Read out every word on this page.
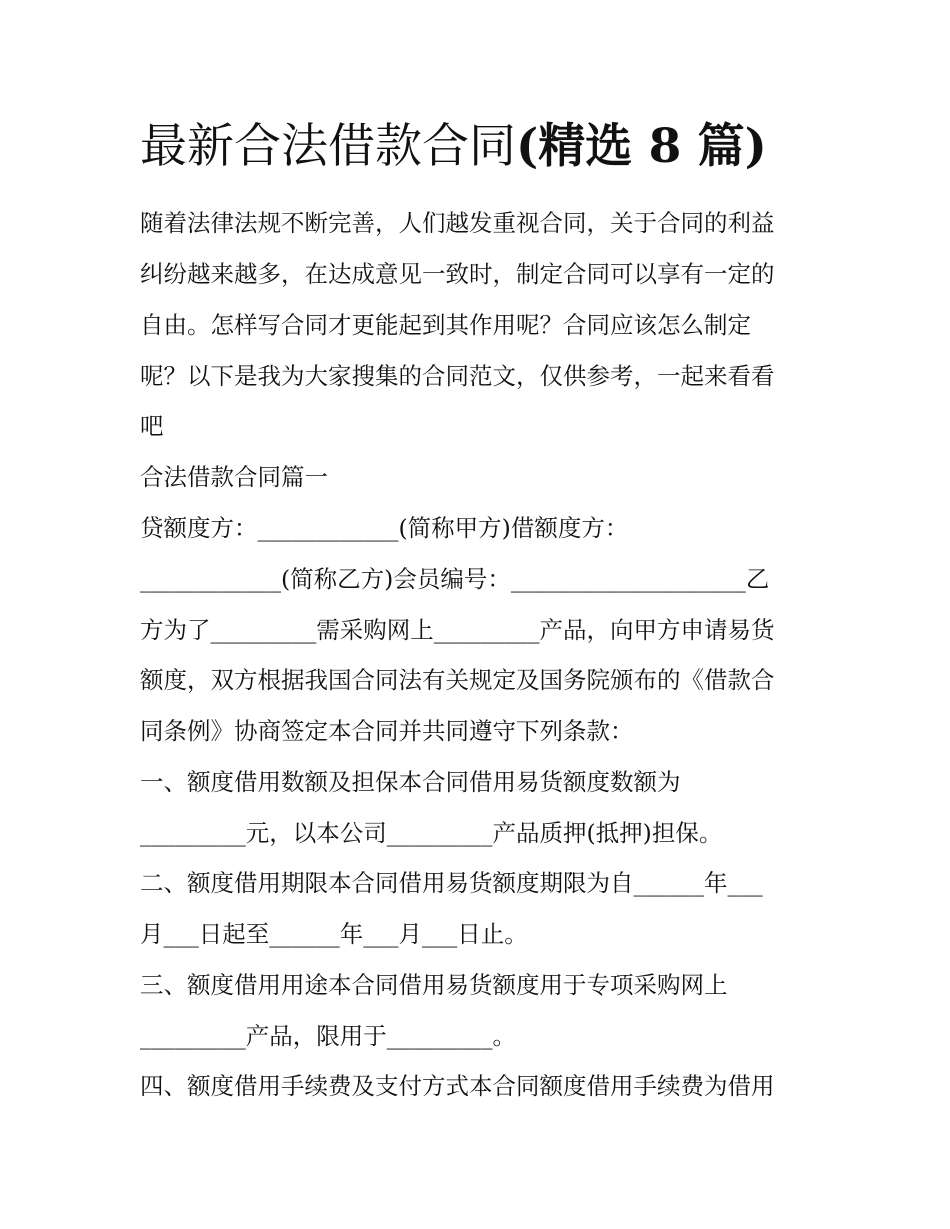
最新合法借款合同(精选 8 篇)

随着法律法规不断完善，人们越发重视合同，关于合同的利益

纠纷越来越多，在达成意见一致时，制定合同可以享有一定的

自由。怎样写合同才更能起到其作用呢？合同应该怎么制定

呢？以下是我为大家搜集的合同范文，仅供参考，一起来看看

吧

合法借款合同篇一

贷额度方：____________(简称甲方)借额度方：

____________(简称乙方)会员编号：____________________乙

方为了_________需采购网上_________产品，向甲方申请易货

额度，双方根据我国合同法有关规定及国务院颁布的《借款合

同条例》协商签定本合同并共同遵守下列条款：

一、额度借用数额及担保本合同借用易货额度数额为

_________元，以本公司_________产品质押(抵押)担保。

二、额度借用期限本合同借用易货额度期限为自______年___

月___日起至______年___月___日止。

三、额度借用用途本合同借用易货额度用于专项采购网上

_________产品，限用于_________。

四、额度借用手续费及支付方式本合同额度借用手续费为借用
